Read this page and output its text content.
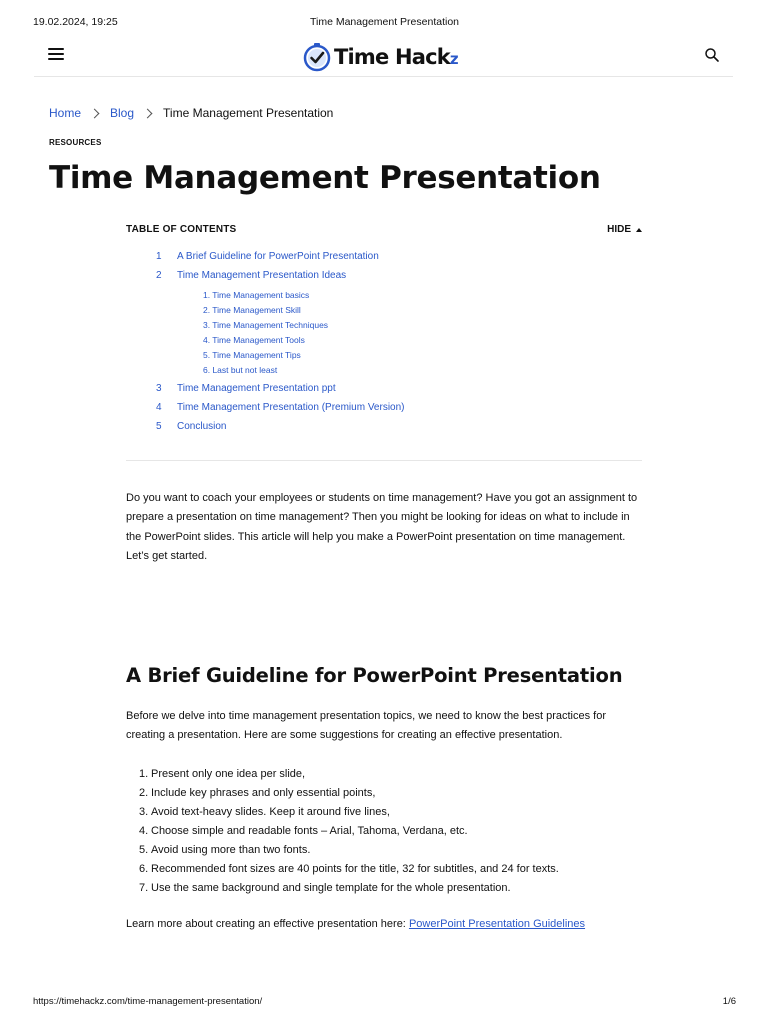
19.02.2024, 19:25	Time Management Presentation
Time Hackz
Home Blog Time Management Presentation
RESOURCES
Time Management Presentation
TABLE OF CONTENTS	HIDE
1	A Brief Guideline for PowerPoint Presentation
2	Time Management Presentation Ideas
1. Time Management basics
2. Time Management Skill
3. Time Management Techniques
4. Time Management Tools
5. Time Management Tips
6. Last but not least
3	Time Management Presentation ppt
4	Time Management Presentation (Premium Version)
5	Conclusion

Do you want to coach your employees or students on time management? Have you got an assignment to prepare a presentation on time management? Then you might be looking for ideas on what to include in the PowerPoint slides. This article will help you make a PowerPoint presentation on time management. Let’s get started.

A Brief Guideline for PowerPoint Presentation

Before we delve into time management presentation topics, we need to know the best practices for creating a presentation. Here are some suggestions for creating an effective presentation.

1. Present only one idea per slide,
2. Include key phrases and only essential points,
3. Avoid text-heavy slides. Keep it around five lines,
4. Choose simple and readable fonts – Arial, Tahoma, Verdana, etc.
5. Avoid using more than two fonts.
6. Recommended font sizes are 40 points for the title, 32 for subtitles, and 24 for texts.
7. Use the same background and single template for the whole presentation.

Learn more about creating an effective presentation here: PowerPoint Presentation Guidelines

https://timehackz.com/time-management-presentation/	1/6
